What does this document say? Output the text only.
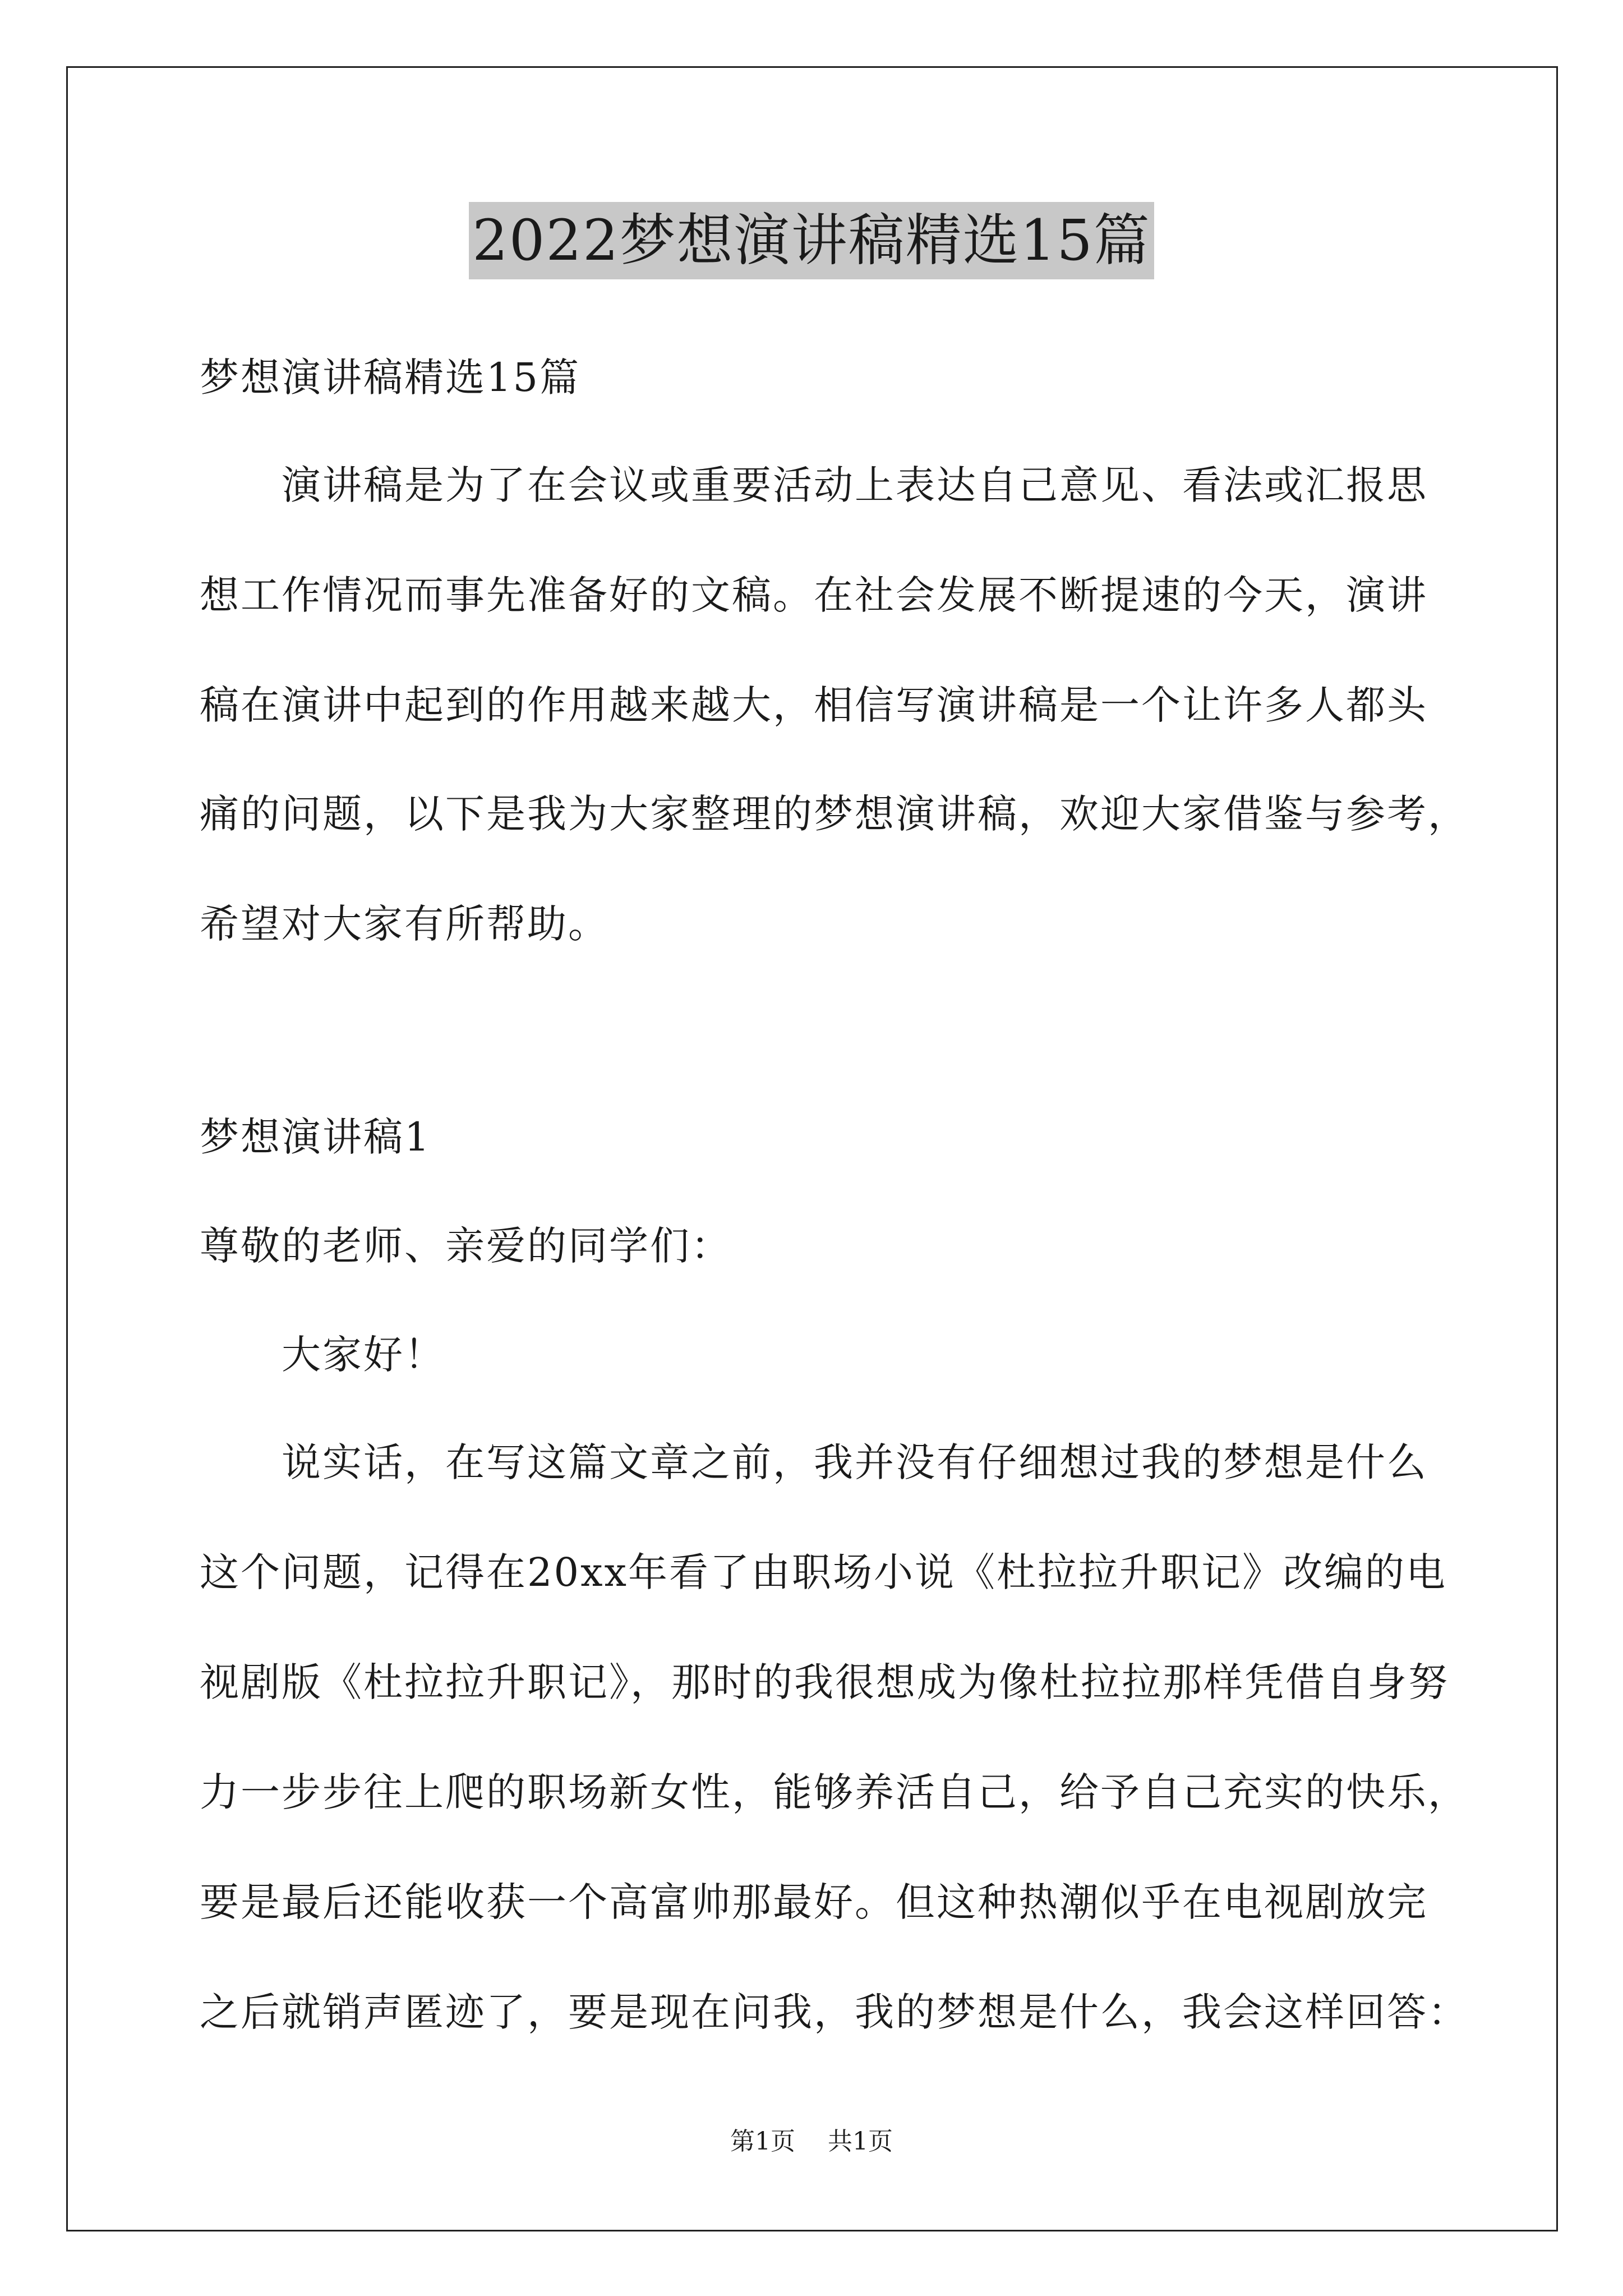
2022梦想演讲稿精选15篇
梦想演讲稿精选15篇
演讲稿是为了在会议或重要活动上表达自己意见、看法或汇报思
想工作情况而事先准备好的文稿。在社会发展不断提速的今天，演讲
稿在演讲中起到的作用越来越大，相信写演讲稿是一个让许多人都头
痛的问题，以下是我为大家整理的梦想演讲稿，欢迎大家借鉴与参考，
希望对大家有所帮助。
梦想演讲稿1
尊敬的老师、亲爱的同学们：
大家好！
说实话，在写这篇文章之前，我并没有仔细想过我的梦想是什么
这个问题，记得在20xx年看了由职场小说《杜拉拉升职记》改编的电
视剧版《杜拉拉升职记》，那时的我很想成为像杜拉拉那样凭借自身努
力一步步往上爬的职场新女性，能够养活自己，给予自己充实的快乐，
要是最后还能收获一个高富帅那最好。但这种热潮似乎在电视剧放完
之后就销声匿迹了，要是现在问我，我的梦想是什么，我会这样回答：
第1页 共1页
